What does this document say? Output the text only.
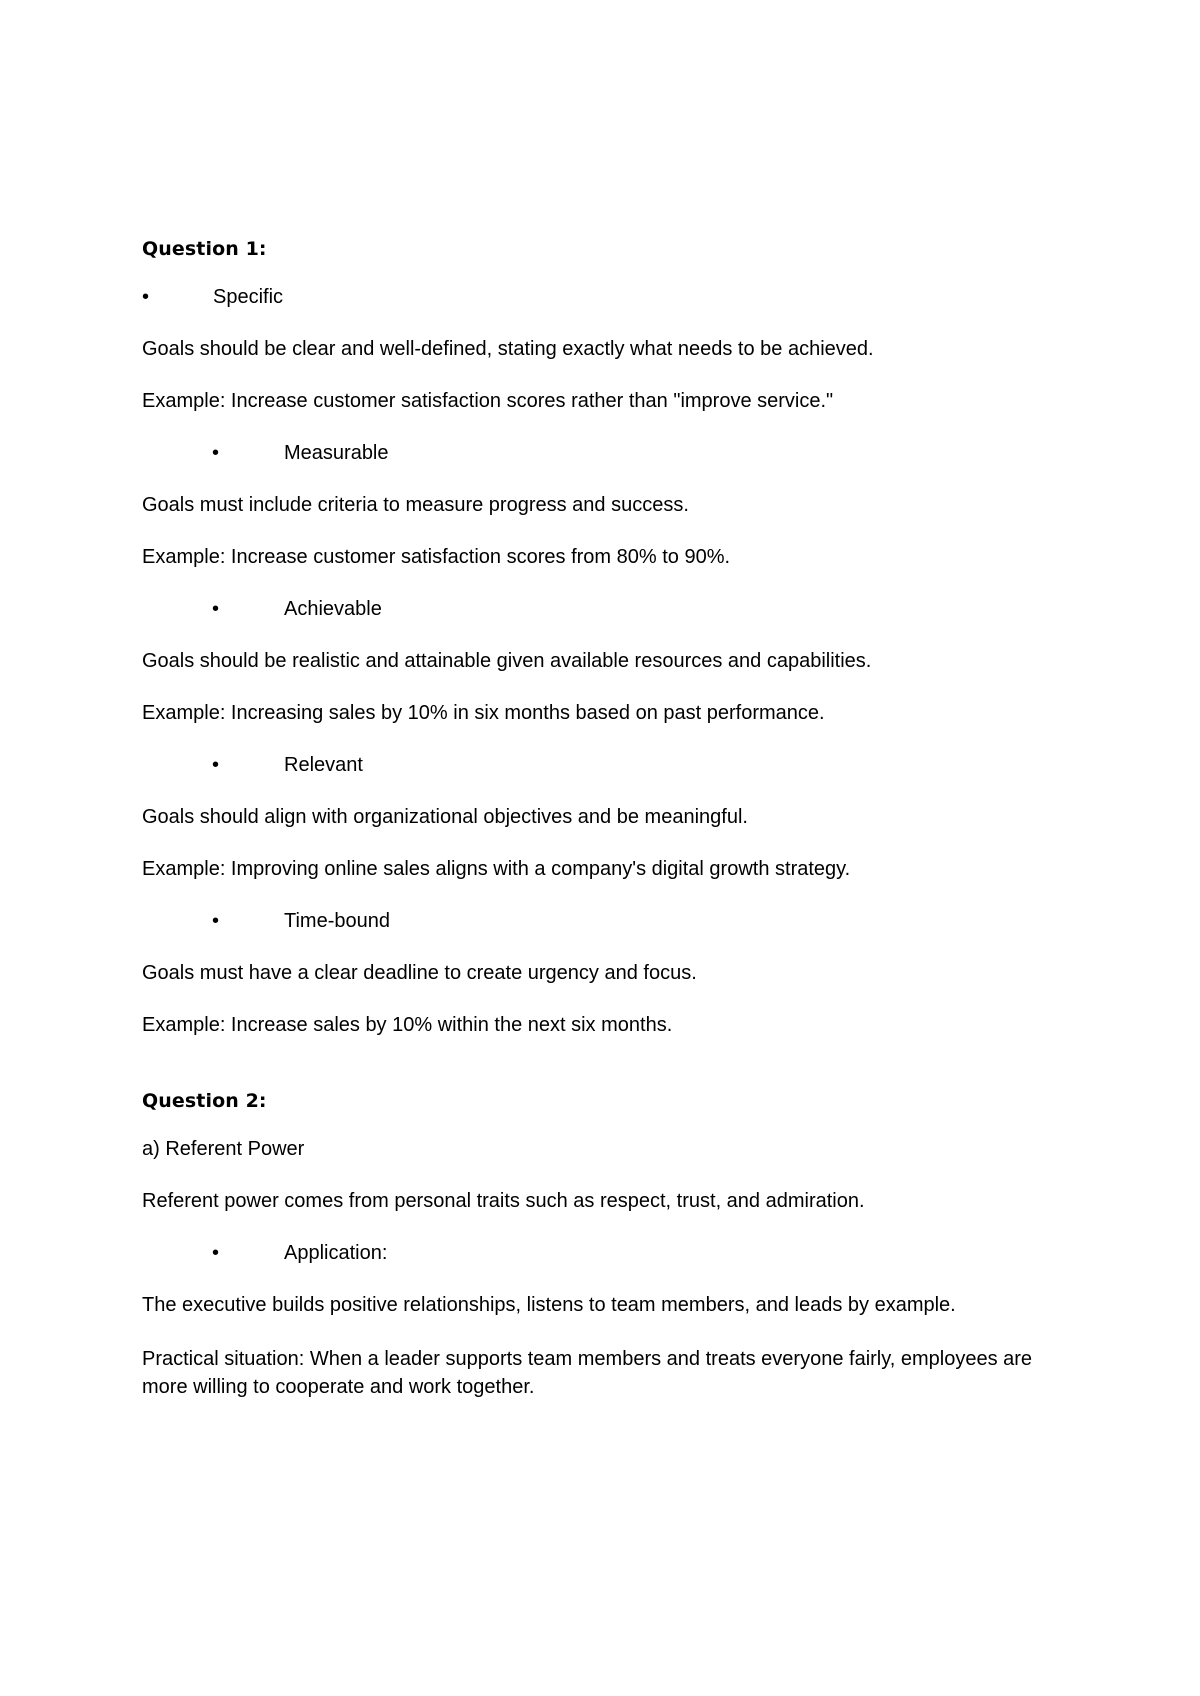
Question 1:
•	Specific
Goals should be clear and well-defined, stating exactly what needs to be achieved.
Example: Increase customer satisfaction scores rather than "improve service."
•	Measurable
Goals must include criteria to measure progress and success.
Example: Increase customer satisfaction scores from 80% to 90%.
•	Achievable
Goals should be realistic and attainable given available resources and capabilities.
Example: Increasing sales by 10% in six months based on past performance.
•	Relevant
Goals should align with organizational objectives and be meaningful.
Example: Improving online sales aligns with a company's digital growth strategy.
•	Time-bound
Goals must have a clear deadline to create urgency and focus.
Example: Increase sales by 10% within the next six months.
Question 2:
a) Referent Power
Referent power comes from personal traits such as respect, trust, and admiration.
•	Application:
The executive builds positive relationships, listens to team members, and leads by example.
Practical situation: When a leader supports team members and treats everyone fairly, employees are more willing to cooperate and work together.
